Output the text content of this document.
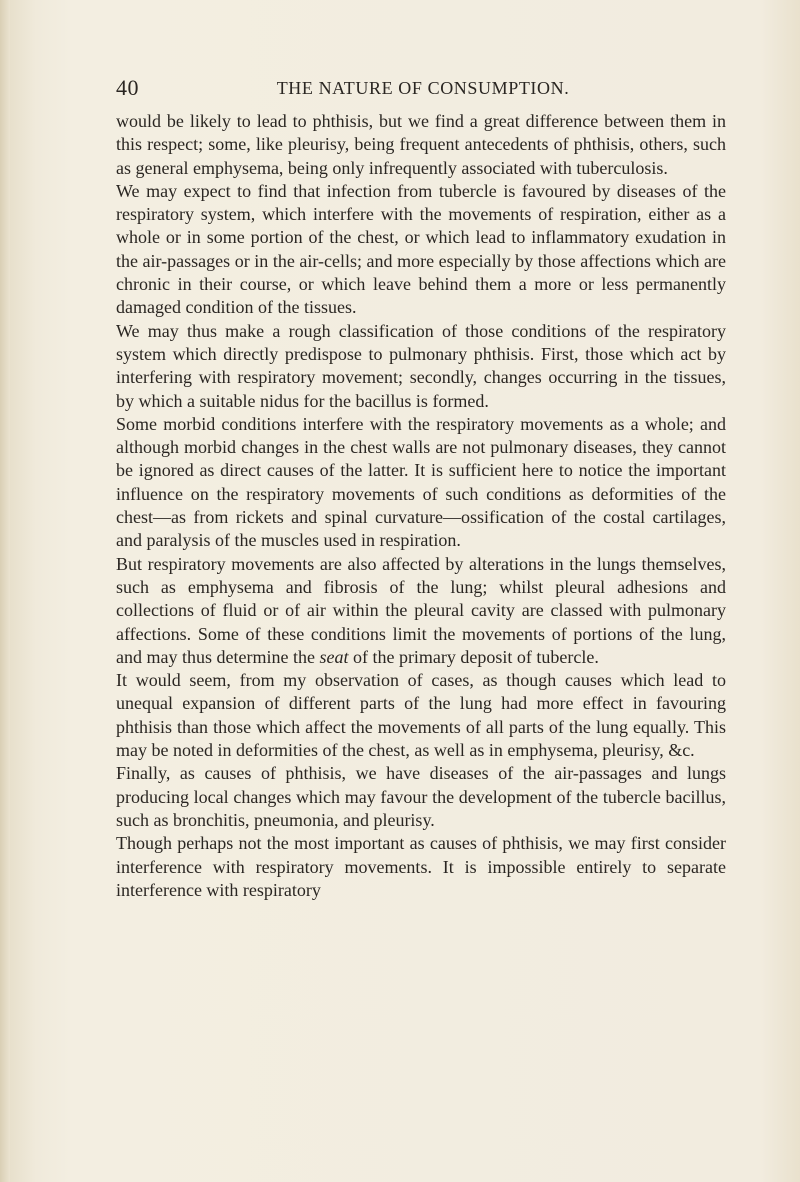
40	THE NATURE OF CONSUMPTION.

would be likely to lead to phthisis, but we find a great difference between them in this respect; some, like pleurisy, being frequent antecedents of phthisis, others, such as general emphysema, being only infrequently associated with tuberculosis.

We may expect to find that infection from tubercle is favoured by diseases of the respiratory system, which interfere with the movements of respiration, either as a whole or in some portion of the chest, or which lead to inflammatory exudation in the air-passages or in the air-cells; and more especially by those affections which are chronic in their course, or which leave behind them a more or less permanently damaged condition of the tissues.

We may thus make a rough classification of those conditions of the respiratory system which directly predispose to pulmonary phthisis. First, those which act by interfering with respiratory movement; secondly, changes occurring in the tissues, by which a suitable nidus for the bacillus is formed.

Some morbid conditions interfere with the respiratory movements as a whole; and although morbid changes in the chest walls are not pulmonary diseases, they cannot be ignored as direct causes of the latter. It is sufficient here to notice the important influence on the respiratory movements of such conditions as deformities of the chest—as from rickets and spinal curvature—ossification of the costal cartilages, and paralysis of the muscles used in respiration.

But respiratory movements are also affected by alterations in the lungs themselves, such as emphysema and fibrosis of the lung; whilst pleural adhesions and collections of fluid or of air within the pleural cavity are classed with pulmonary affections. Some of these conditions limit the movements of portions of the lung, and may thus determine the seat of the primary deposit of tubercle.

It would seem, from my observation of cases, as though causes which lead to unequal expansion of different parts of the lung had more effect in favouring phthisis than those which affect the movements of all parts of the lung equally. This may be noted in deformities of the chest, as well as in emphysema, pleurisy, &c.

Finally, as causes of phthisis, we have diseases of the air-passages and lungs producing local changes which may favour the development of the tubercle bacillus, such as bronchitis, pneumonia, and pleurisy.

Though perhaps not the most important as causes of phthisis, we may first consider interference with respiratory movements. It is impossible entirely to separate interference with respiratory
